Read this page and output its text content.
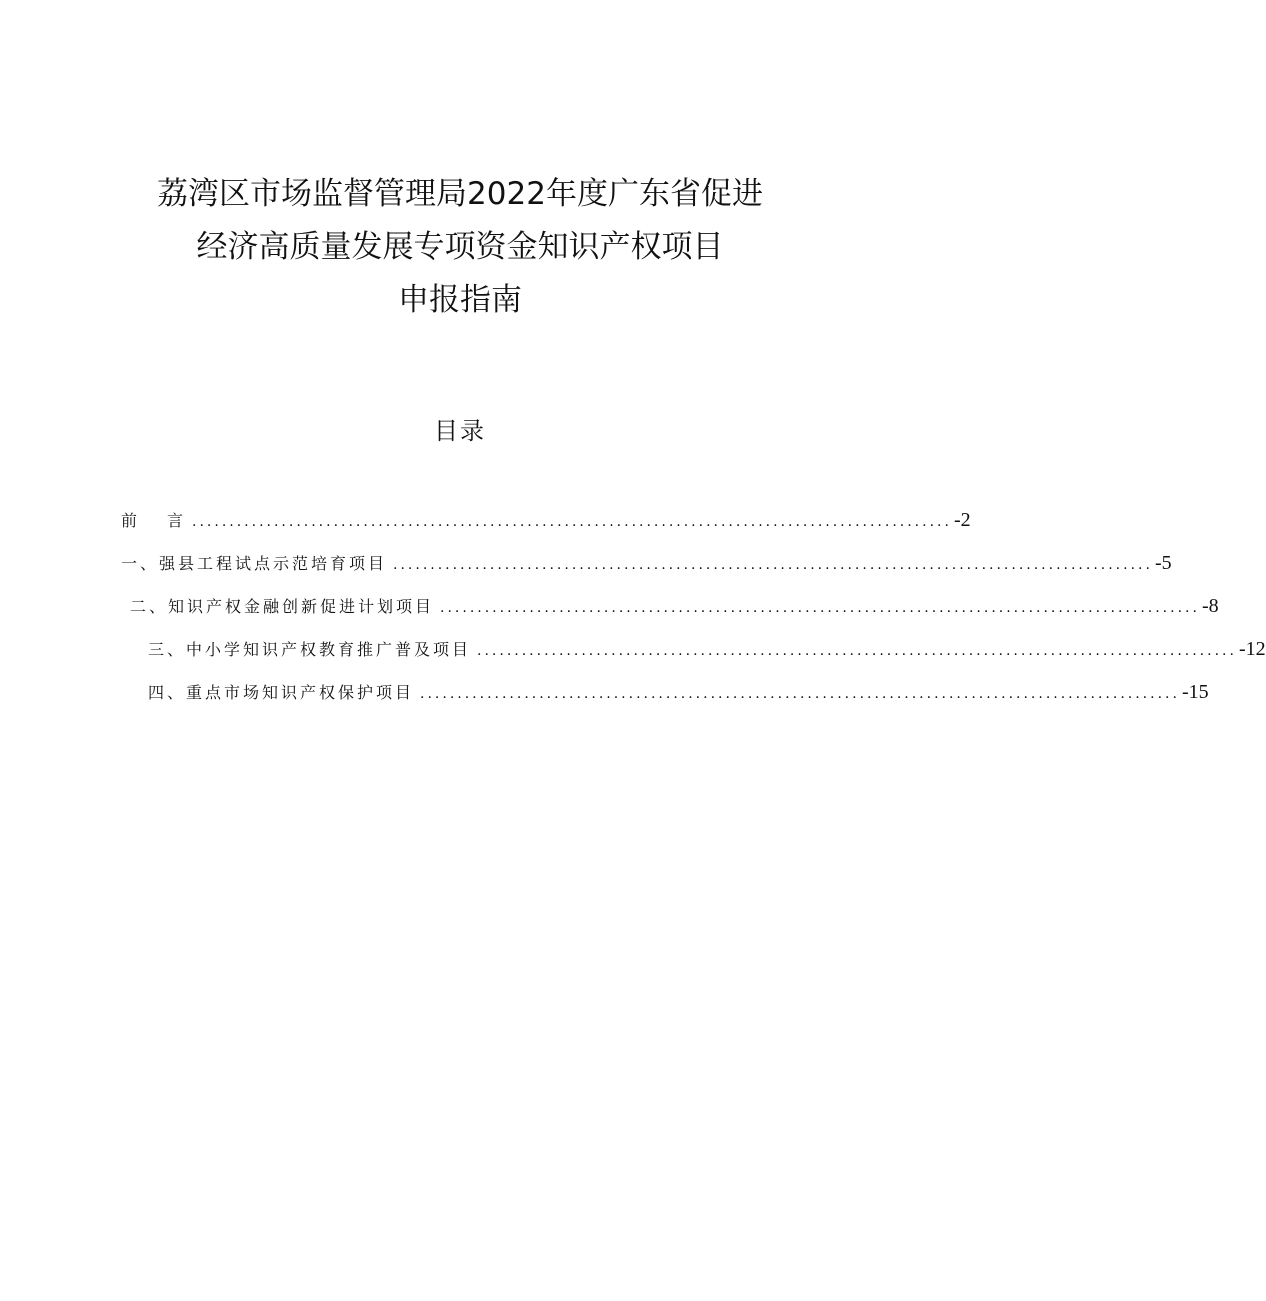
荔湾区市场监督管理局2022年度广东省促进
经济高质量发展专项资金知识产权项目
申报指南
目录
前 言 ...................................................................................................... -2
一、强县工程试点示范培育项目 ...................................................................................................... -5
二、知识产权金融创新促进计划项目 ...................................................................................................... -8
三、中小学知识产权教育推广普及项目 ...................................................................................................... -12
四、重点市场知识产权保护项目 ...................................................................................................... -15
